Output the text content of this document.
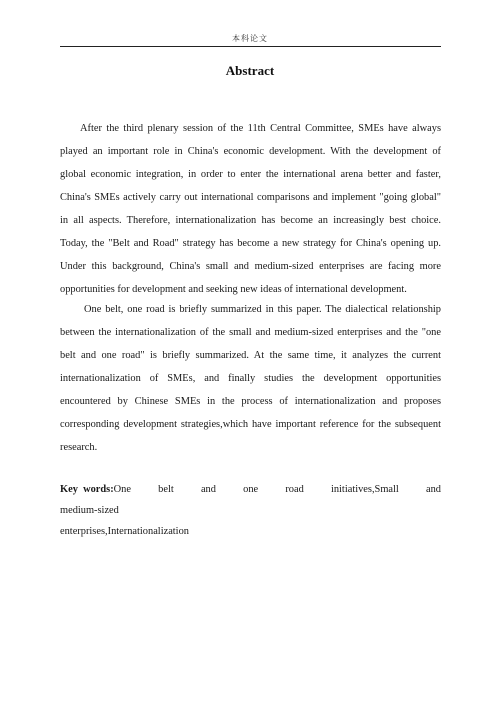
本科论文
Abstract

After the third plenary session of the 11th Central Committee, SMEs have always played an important role in China's economic development. With the development of global economic integration, in order to enter the international arena better and faster, China's SMEs actively carry out international comparisons and implement "going global" in all aspects. Therefore, internationalization has become an increasingly best choice. Today, the "Belt and Road" strategy has become a new strategy for China's opening up. Under this background, China's small and medium-sized enterprises are facing more opportunities for development and seeking new ideas of international development.

One belt, one road is briefly summarized in this paper. The dialectical relationship between the internationalization of the small and medium-sized enterprises and the "one belt and one road" is briefly summarized. At the same time, it analyzes the current internationalization of SMEs, and finally studies the development opportunities encountered by Chinese SMEs in the process of internationalization and proposes corresponding development strategies,which have important reference for the subsequent research.

Key words:One belt and one road initiatives,Small and medium-sized
enterprises,Internationalization
